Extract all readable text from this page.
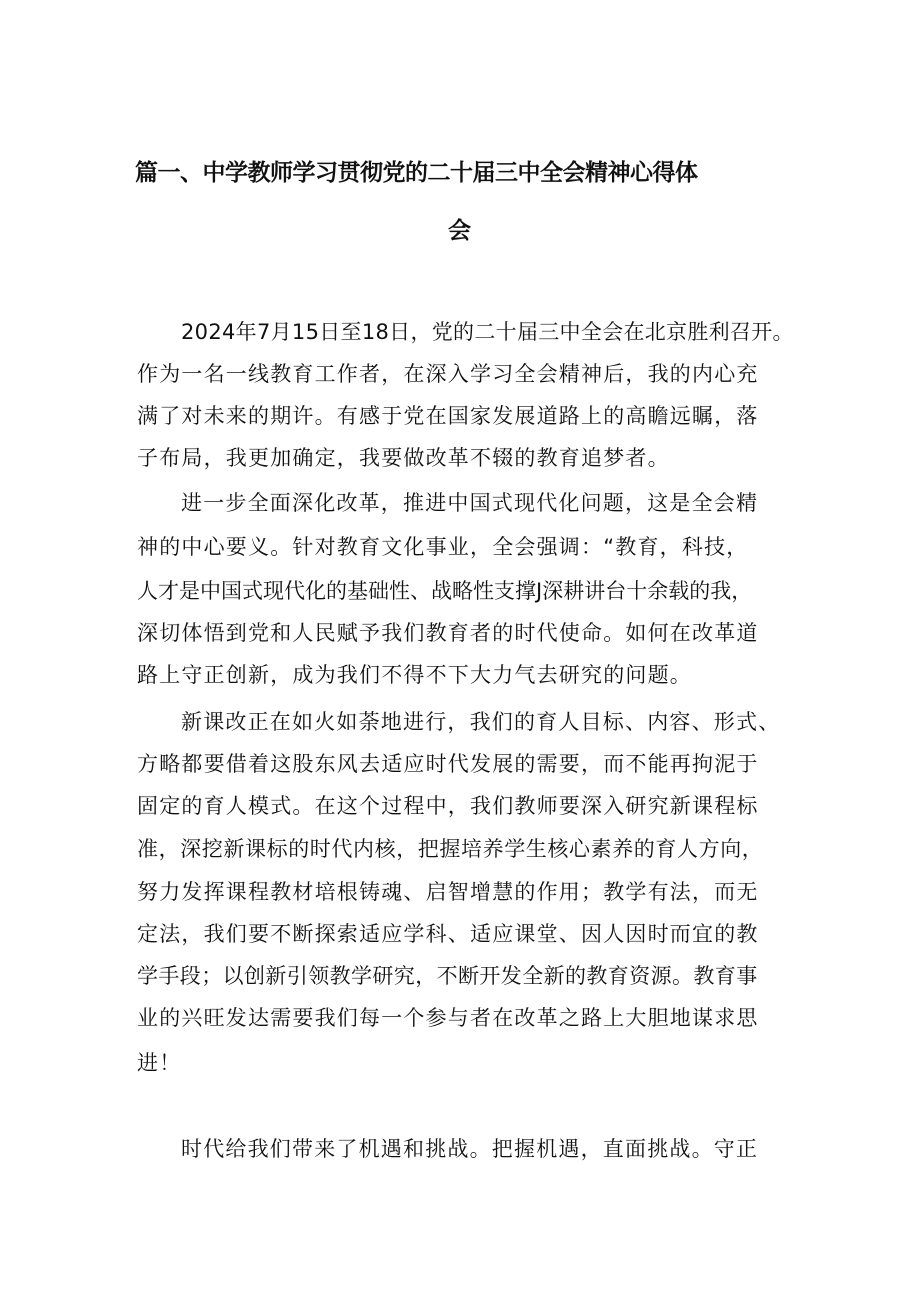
篇一、中学教师学习贯彻党的二十届三中全会精神心得体
会
2024年7月15日至18日，党的二十届三中全会在北京胜利召开。
作为一名一线教育工作者，在深入学习全会精神后，我的内心充
满了对未来的期许。有感于党在国家发展道路上的高瞻远瞩，落
子布局，我更加确定，我要做改革不辍的教育追梦者。
进一步全面深化改革，推进中国式现代化问题，这是全会精
神的中心要义。针对教育文化事业，全会强调：“教育，科技，
人才是中国式现代化的基础性、战略性支撑J深耕讲台十余载的我，
深切体悟到党和人民赋予我们教育者的时代使命。如何在改革道
路上守正创新，成为我们不得不下大力气去研究的问题。
新课改正在如火如荼地进行，我们的育人目标、内容、形式、
方略都要借着这股东风去适应时代发展的需要，而不能再拘泥于
固定的育人模式。在这个过程中，我们教师要深入研究新课程标
准，深挖新课标的时代内核，把握培养学生核心素养的育人方向，
努力发挥课程教材培根铸魂、启智增慧的作用；教学有法，而无
定法，我们要不断探索适应学科、适应课堂、因人因时而宜的教
学手段；以创新引领教学研究，不断开发全新的教育资源。教育事
业的兴旺发达需要我们每一个参与者在改革之路上大胆地谋求思
进！
时代给我们带来了机遇和挑战。把握机遇，直面挑战。守正
